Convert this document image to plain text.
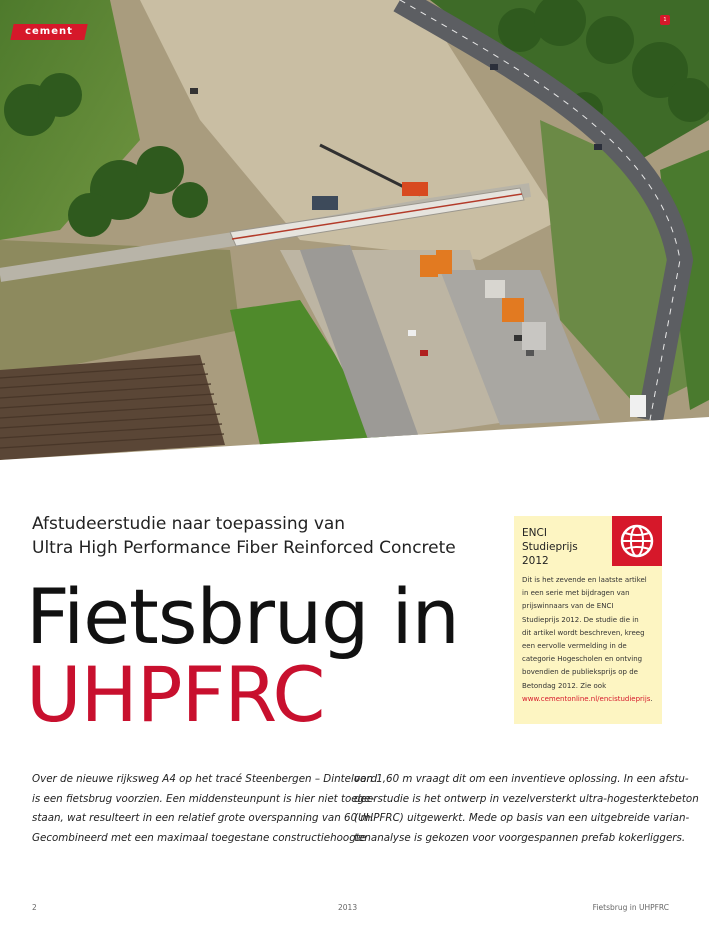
cement
1
Afstudeerstudie naar toepassing van
Ultra High Performance Fiber Reinforced Concrete
Fietsbrug in
UHPFRC
ENCI
Studieprijs
2012
Dit is het zevende en laatste artikel
in een serie met bijdragen van
prijswinnaars van de ENCI
Studieprijs 2012. De studie die in
dit artikel wordt beschreven, kreeg
een eervolle vermelding in de
categorie Hogescholen en ontving
bovendien de publieksprijs op de
Betondag 2012. Zie ook
www.cementonline.nl/encistudieprijs.
Over de nieuwe rijksweg A4 op het tracé Steenbergen – Dinteloord
is een fietsbrug voorzien. Een middensteunpunt is hier niet toege-
staan, wat resulteert in een relatief grote overspanning van 60 m.
Gecombineerd met een maximaal toegestane constructiehoogte
van 1,60 m vraagt dit om een inventieve oplossing. In een afstu-
deerstudie is het ontwerp in vezelversterkt ultra-hogesterktebeton
(UHPFRC) uitgewerkt. Mede op basis van een uitgebreide varian-
tenanalyse is gekozen voor voorgespannen prefab kokerliggers.
2	2013	Fietsbrug in UHPFRC
